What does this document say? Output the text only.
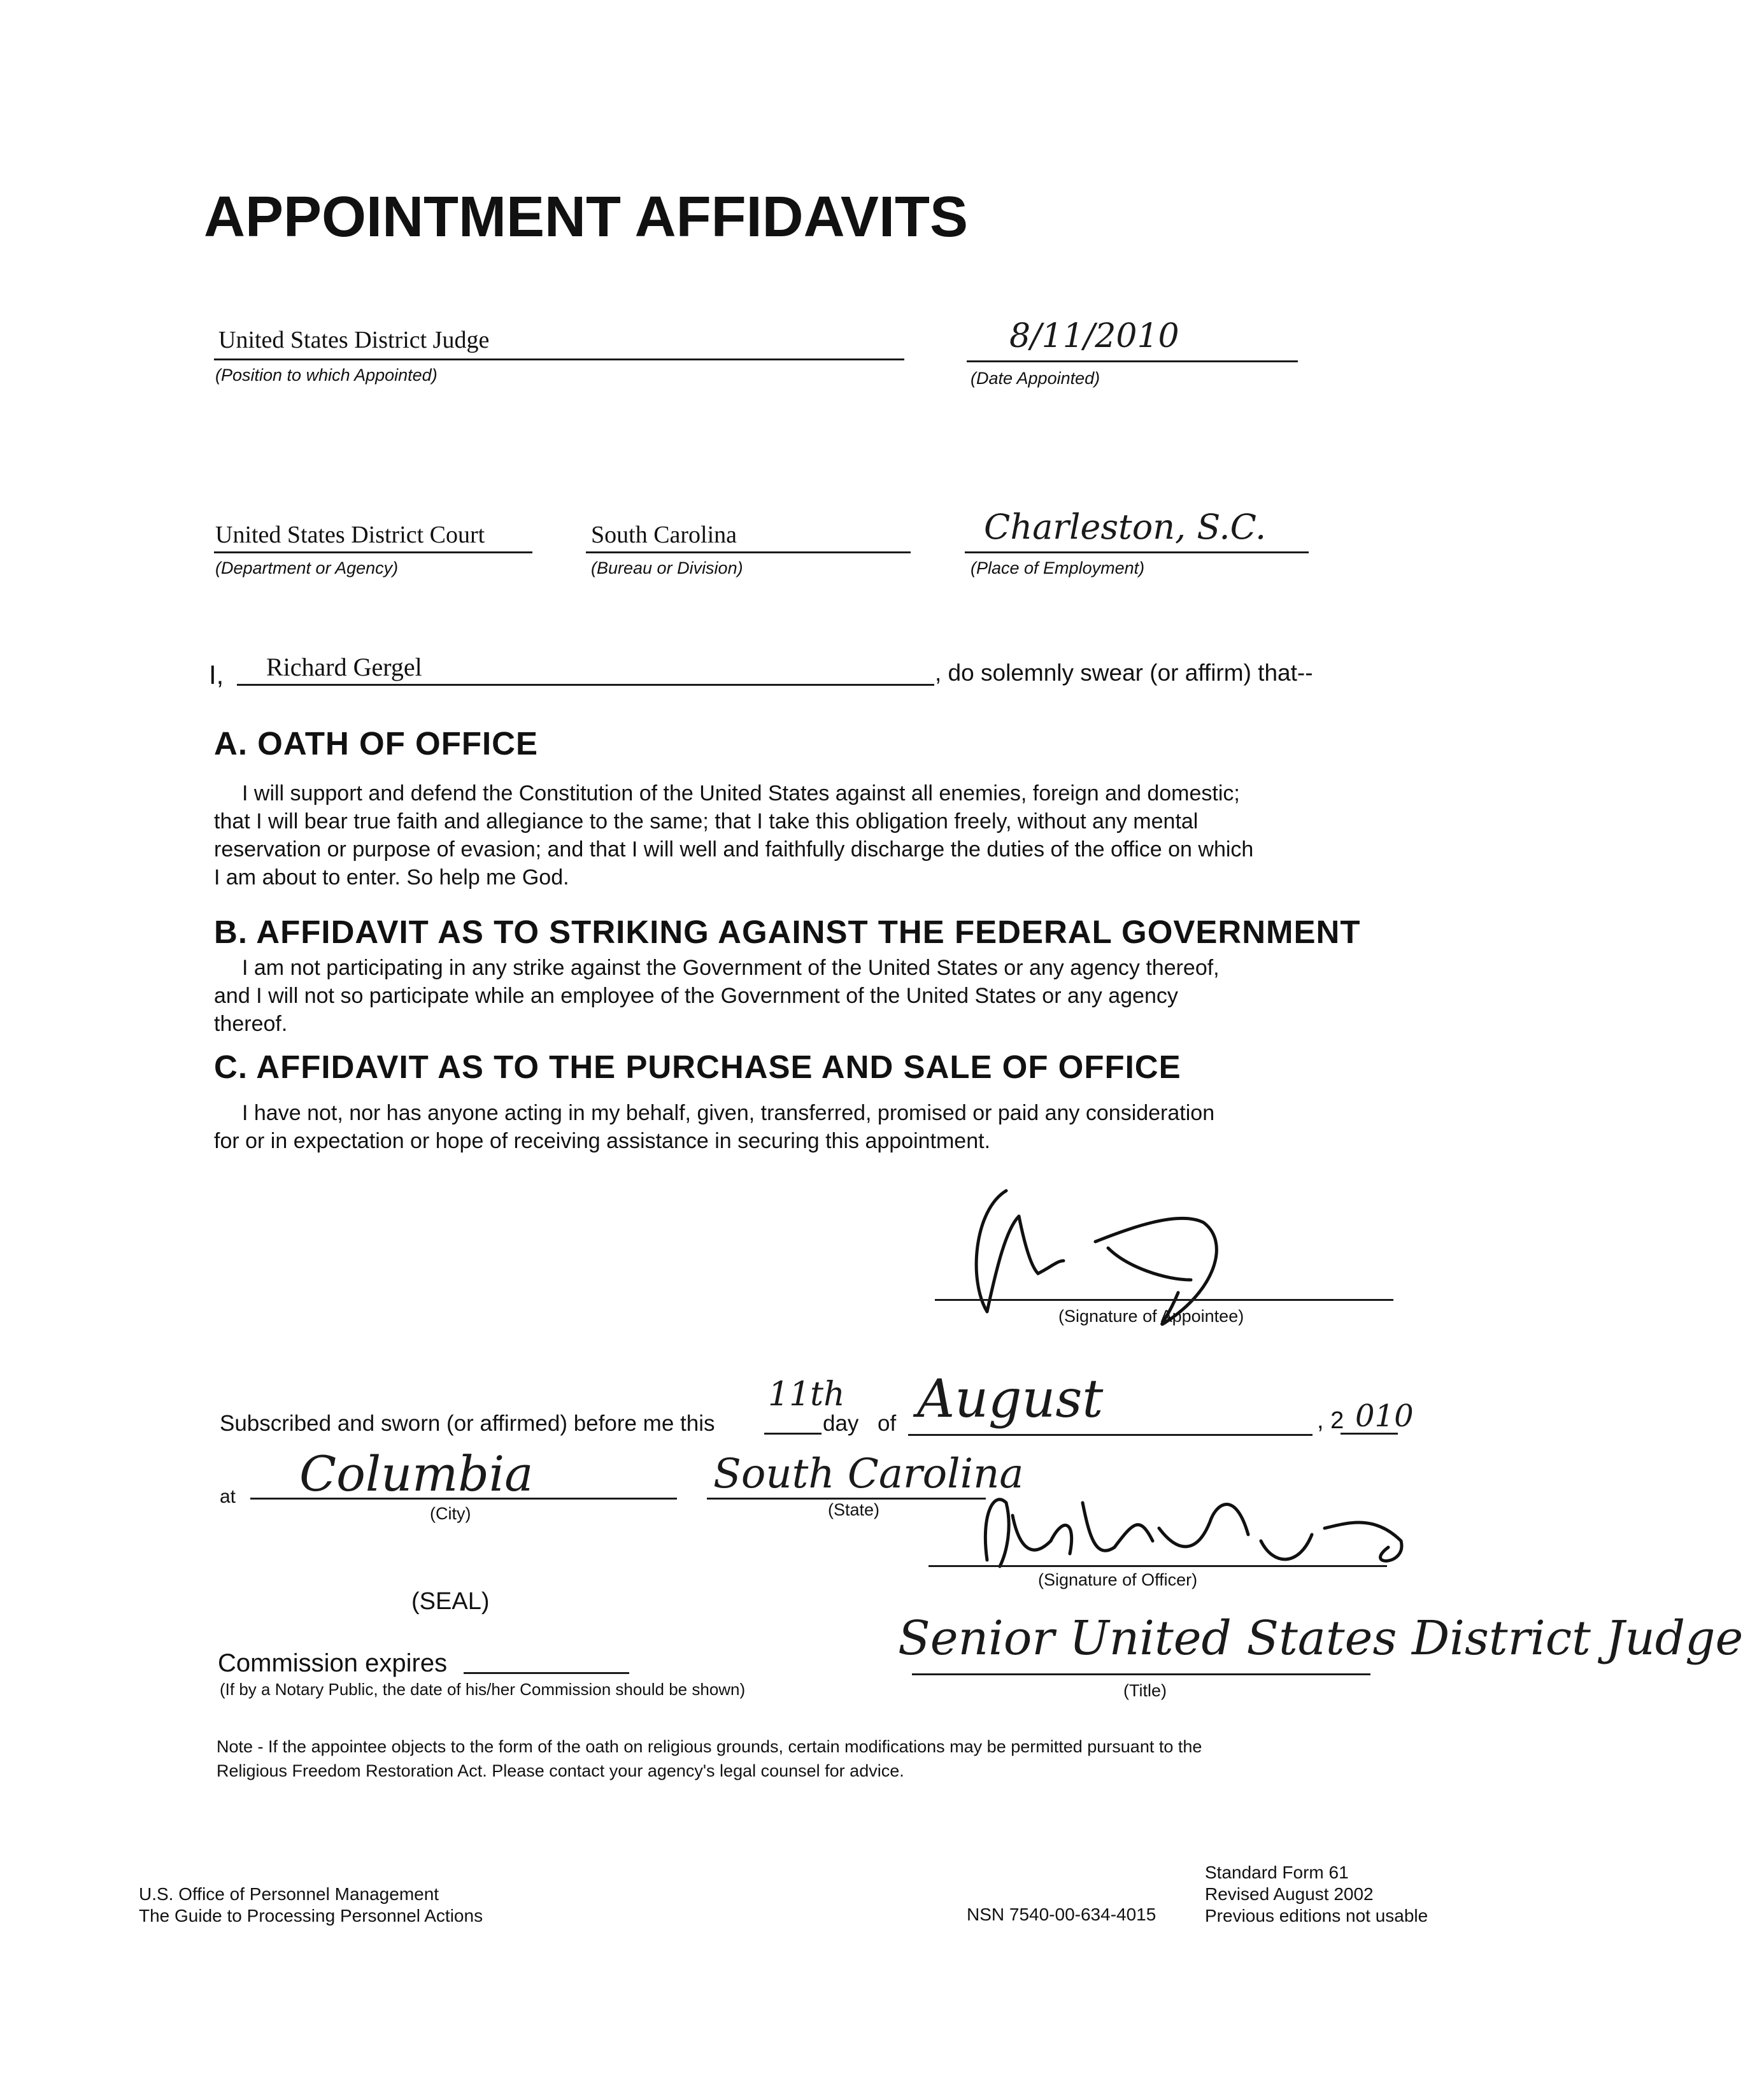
APPOINTMENT AFFIDAVITS
United States District Judge
(Position to which Appointed)
8/11/2010
(Date Appointed)
United States District Court
(Department or Agency)
South Carolina
(Bureau or Division)
Charleston, S.C.
(Place of Employment)
I, Richard Gergel	, do solemnly swear (or affirm) that--
A. OATH OF OFFICE
I will support and defend the Constitution of the United States against all enemies, foreign and domestic;
that I will bear true faith and allegiance to the same; that I take this obligation freely, without any mental
reservation or purpose of evasion; and that I will well and faithfully discharge the duties of the office on which
I am about to enter. So help me God.
B. AFFIDAVIT AS TO STRIKING AGAINST THE FEDERAL GOVERNMENT
I am not participating in any strike against the Government of the United States or any agency thereof,
and I will not so participate while an employee of the Government of the United States or any agency
thereof.
C. AFFIDAVIT AS TO THE PURCHASE AND SALE OF OFFICE
I have not, nor has anyone acting in my behalf, given, transferred, promised or paid any consideration
for or in expectation or hope of receiving assistance in securing this appointment.
(Signature of Appointee)
Subscribed and sworn (or affirmed) before me this
11th
day of August	, 2 010
at Columbia
(City)
South Carolina
(State)
(Signature of Officer)
(SEAL)
Commission expires
(If by a Notary Public, the date of his/her Commission should be shown)
Senior United States District Judge
(Title)
Note - If the appointee objects to the form of the oath on religious grounds, certain modifications may be permitted pursuant to the
Religious Freedom Restoration Act. Please contact your agency's legal counsel for advice.
U.S. Office of Personnel Management
The Guide to Processing Personnel Actions	NSN 7540-00-634-4015
Standard Form 61
Revised August 2002
Previous editions not usable
